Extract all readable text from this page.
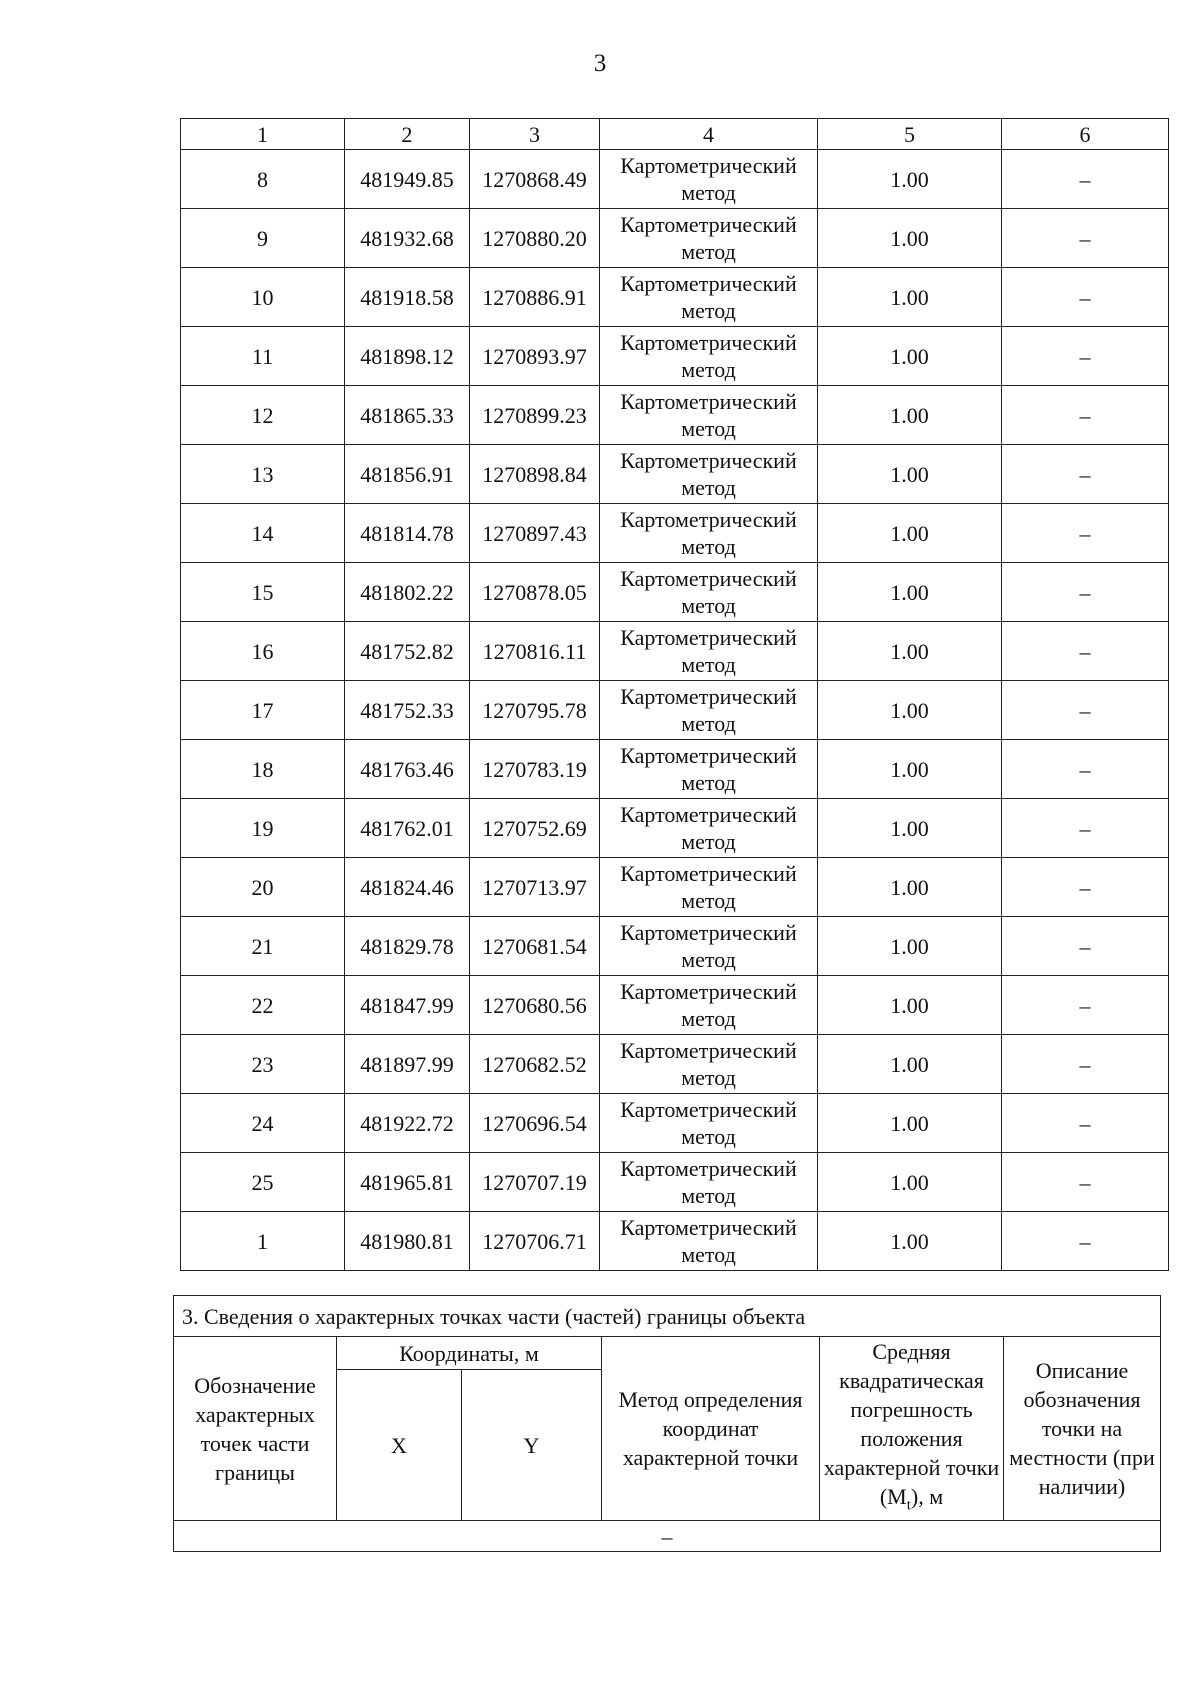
3
1	2	3	4	5	6
8	481949.85	1270868.49	Картометрический метод	1.00	–
9	481932.68	1270880.20	Картометрический метод	1.00	–
10	481918.58	1270886.91	Картометрический метод	1.00	–
11	481898.12	1270893.97	Картометрический метод	1.00	–
12	481865.33	1270899.23	Картометрический метод	1.00	–
13	481856.91	1270898.84	Картометрический метод	1.00	–
14	481814.78	1270897.43	Картометрический метод	1.00	–
15	481802.22	1270878.05	Картометрический метод	1.00	–
16	481752.82	1270816.11	Картометрический метод	1.00	–
17	481752.33	1270795.78	Картометрический метод	1.00	–
18	481763.46	1270783.19	Картометрический метод	1.00	–
19	481762.01	1270752.69	Картометрический метод	1.00	–
20	481824.46	1270713.97	Картометрический метод	1.00	–
21	481829.78	1270681.54	Картометрический метод	1.00	–
22	481847.99	1270680.56	Картометрический метод	1.00	–
23	481897.99	1270682.52	Картометрический метод	1.00	–
24	481922.72	1270696.54	Картометрический метод	1.00	–
25	481965.81	1270707.19	Картометрический метод	1.00	–
1	481980.81	1270706.71	Картометрический метод	1.00	–
3. Сведения о характерных точках части (частей) границы объекта					
Обозначение характерных точек части границы	Координаты, м		Метод определения координат характерной точки	Средняя квадратическая погрешность положения характерной точки $(M_t)$, м	Описание обозначения точки на местности (при наличии)
	X	Y			
–					
